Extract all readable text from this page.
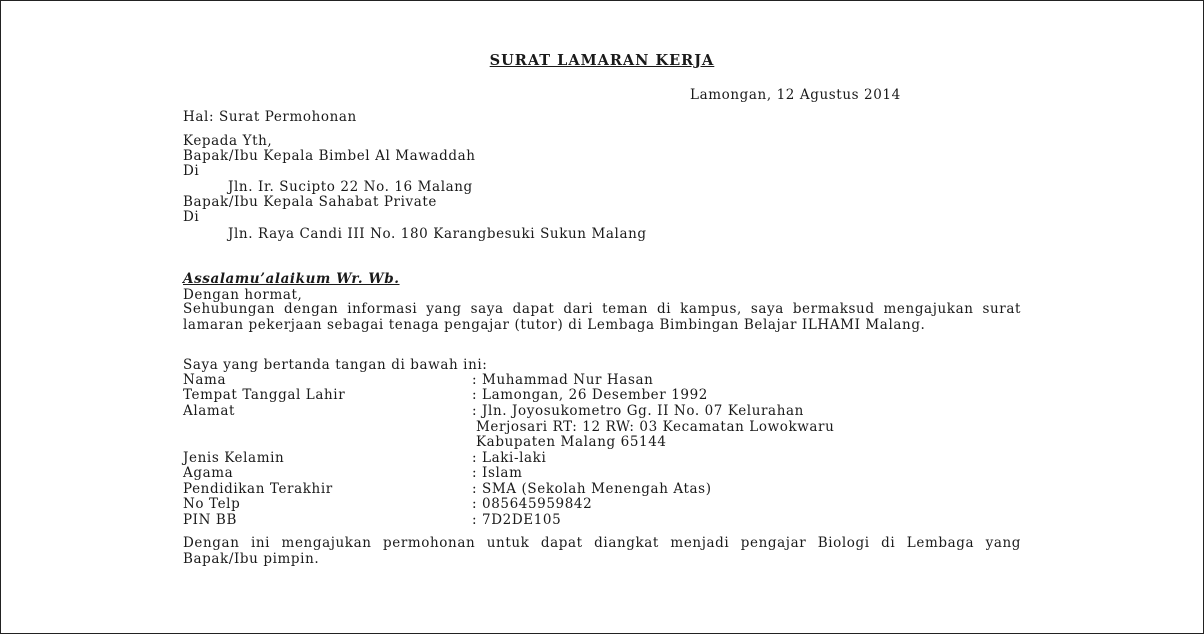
SURAT LAMARAN KERJA
Lamongan, 12 Agustus 2014
Hal: Surat Permohonan
Kepada Yth,
Bapak/Ibu Kepala Bimbel Al Mawaddah
Di
Jln. Ir. Sucipto 22 No. 16 Malang
Bapak/Ibu Kepala Sahabat Private
Di
Jln. Raya Candi III No. 180 Karangbesuki Sukun Malang
Assalamu’alaikum Wr. Wb.
Dengan hormat,
Sehubungan dengan informasi yang saya dapat dari teman di kampus, saya bermaksud mengajukan surat lamaran pekerjaan sebagai tenaga pengajar (tutor) di Lembaga Bimbingan Belajar ILHAMI Malang.
Saya yang bertanda tangan di bawah ini:
Nama	: Muhammad Nur Hasan
Tempat Tanggal Lahir	: Lamongan, 26 Desember 1992
Alamat	: Jln. Joyosukometro Gg. II No. 07 Kelurahan
Merjosari RT: 12 RW: 03 Kecamatan Lowokwaru
Kabupaten Malang 65144
Jenis Kelamin	: Laki-laki
Agama	: Islam
Pendidikan Terakhir	: SMA (Sekolah Menengah Atas)
No Telp	: 085645959842
PIN BB	: 7D2DE105
Dengan ini mengajukan permohonan untuk dapat diangkat menjadi pengajar Biologi di Lembaga yang Bapak/Ibu pimpin.
